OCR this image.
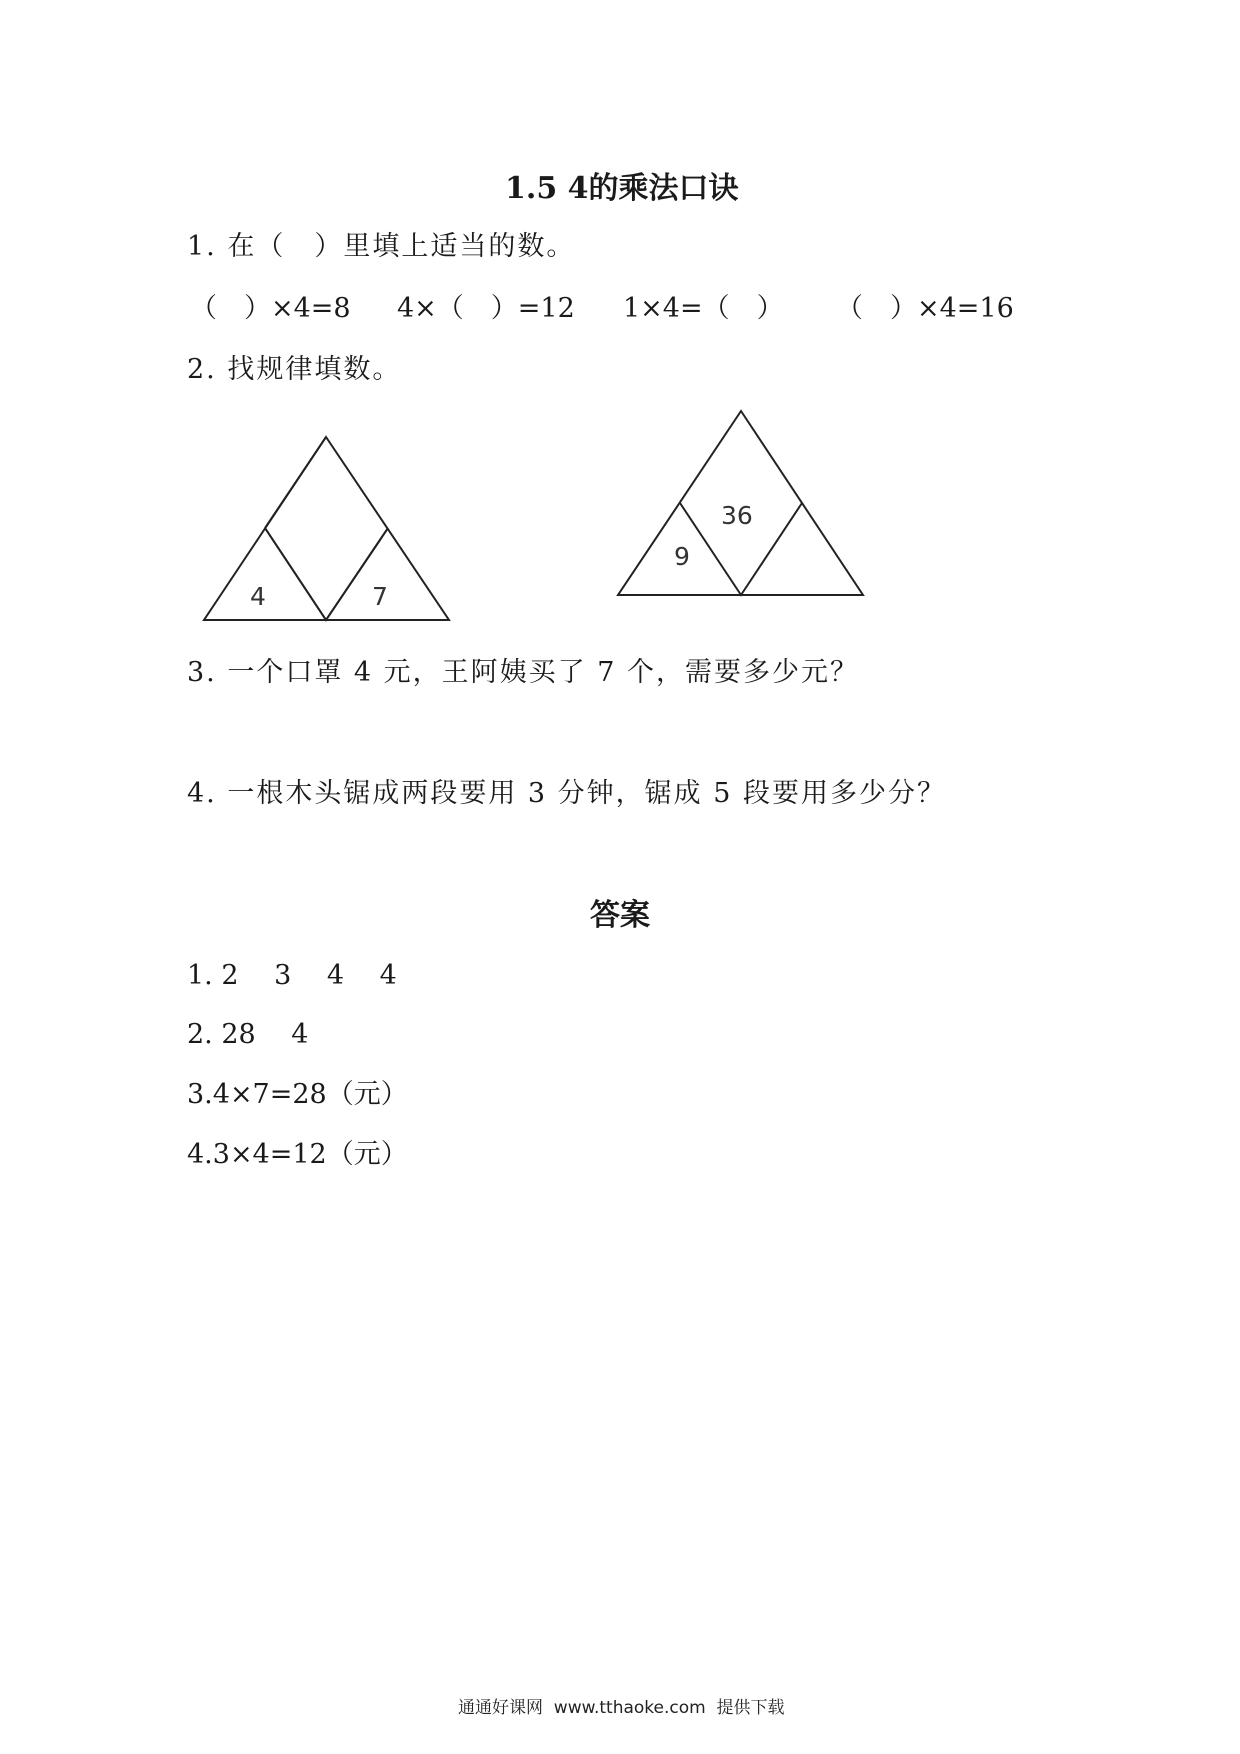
1.5 4的乘法口诀
1. 在（　）里填上适当的数。
（　）×4=8 4×（　）=12 1×4=（　） （　）×4=16
2. 找规律填数。
4	7
9
36
3. 一个口罩 4 元，王阿姨买了 7 个，需要多少元？
4. 一根木头锯成两段要用 3 分钟，锯成 5 段要用多少分？
答案
1. 2　 3　 4　 4
2. 28　 4
3.4×7=28（元）
4.3×4=12（元）
通通好课网  www.tthaoke.com  提供下载
